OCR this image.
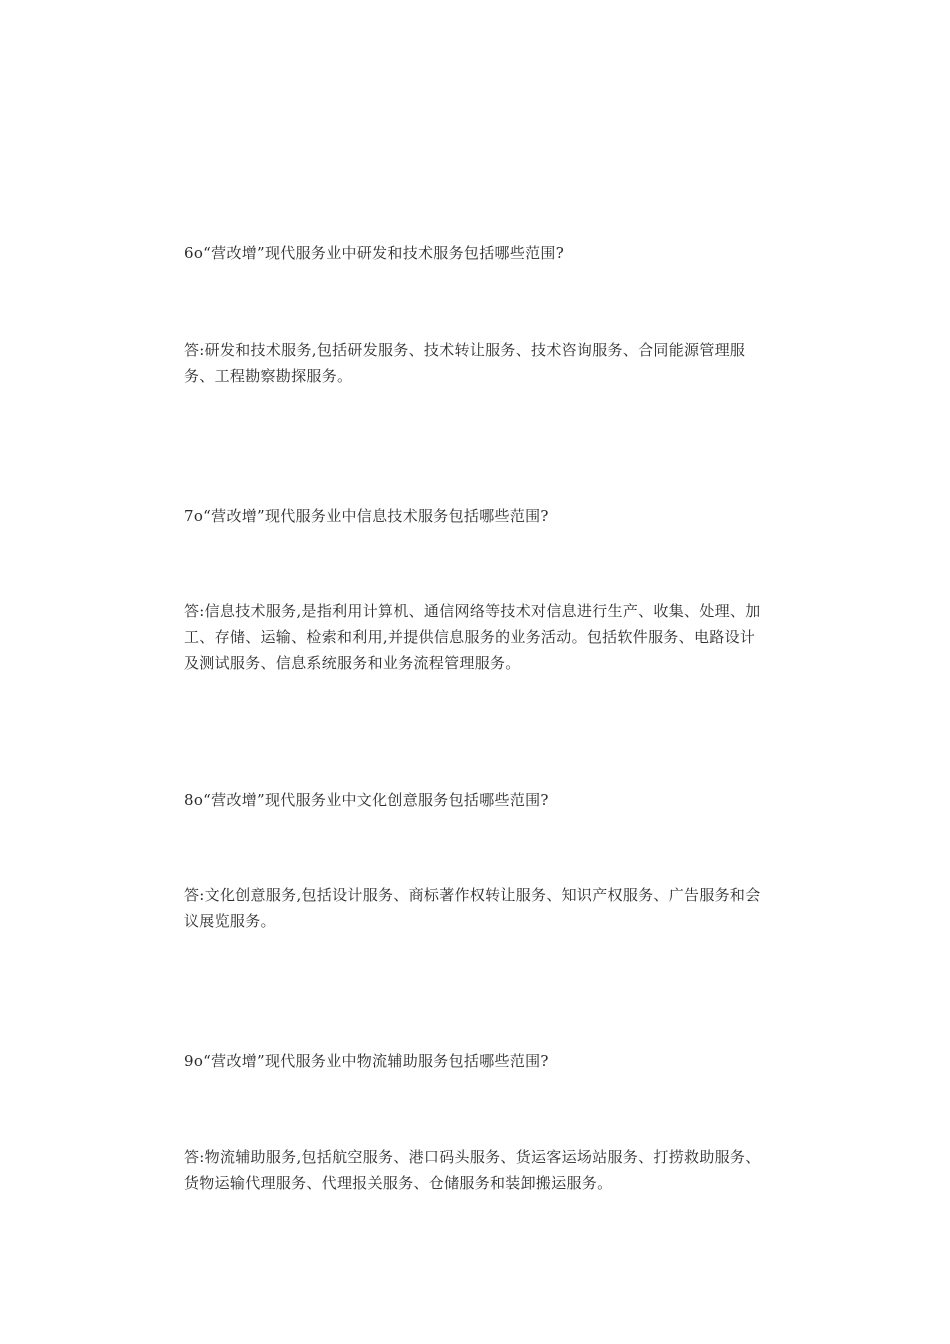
6o“营改增”现代服务业中研发和技术服务包括哪些范围?

答:研发和技术服务,包括研发服务、技术转让服务、技术咨询服务、合同能源管理服务、工程勘察勘探服务。

7o“营改增”现代服务业中信息技术服务包括哪些范围?

答:信息技术服务,是指利用计算机、通信网络等技术对信息进行生产、收集、处理、加工、存储、运输、检索和利用,并提供信息服务的业务活动。包括软件服务、电路设计及测试服务、信息系统服务和业务流程管理服务。

8o“营改增”现代服务业中文化创意服务包括哪些范围?

答:文化创意服务,包括设计服务、商标著作权转让服务、知识产权服务、广告服务和会议展览服务。

9o“营改增”现代服务业中物流辅助服务包括哪些范围?

答:物流辅助服务,包括航空服务、港口码头服务、货运客运场站服务、打捞救助服务、货物运输代理服务、代理报关服务、仓储服务和装卸搬运服务。
